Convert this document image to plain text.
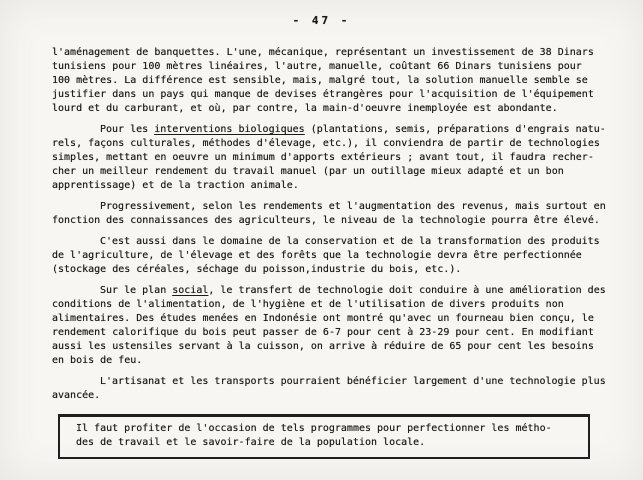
- 47 -
l'aménagement de banquettes. L'une, mécanique, représentant un investissement de 38 Dinars
tunisiens pour 100 mètres linéaires, l'autre, manuelle, coûtant 66 Dinars tunisiens pour
100 mètres. La différence est sensible, mais, malgré tout, la solution manuelle semble se
justifier dans un pays qui manque de devises étrangères pour l'acquisition de l'équipement
lourd et du carburant, et où, par contre, la main-d'oeuvre inemployée est abondante.
Pour les interventions biologiques (plantations, semis, préparations d'engrais natu-
rels, façons culturales, méthodes d'élevage, etc.), il conviendra de partir de technologies
simples, mettant en oeuvre un minimum d'apports extérieurs ; avant tout, il faudra recher-
cher un meilleur rendement du travail manuel (par un outillage mieux adapté et un bon
apprentissage) et de la traction animale.
Progressivement, selon les rendements et l'augmentation des revenus, mais surtout en
fonction des connaissances des agriculteurs, le niveau de la technologie pourra être élevé.
C'est aussi dans le domaine de la conservation et de la transformation des produits
de l'agriculture, de l'élevage et des forêts que la technologie devra être perfectionnée
(stockage des céréales, séchage du poisson,industrie du bois, etc.).
Sur le plan social, le transfert de technologie doit conduire à une amélioration des
conditions de l'alimentation, de l'hygiène et de l'utilisation de divers produits non
alimentaires. Des études menées en Indonésie ont montré qu'avec un fourneau bien conçu, le
rendement calorifique du bois peut passer de 6-7 pour cent à 23-29 pour cent. En modifiant
aussi les ustensiles servant à la cuisson, on arrive à réduire de 65 pour cent les besoins
en bois de feu.
L'artisanat et les transports pourraient bénéficier largement d'une technologie plus
avancée.
Il faut profiter de l'occasion de tels programmes pour perfectionner les métho-
des de travail et le savoir-faire de la population locale.
